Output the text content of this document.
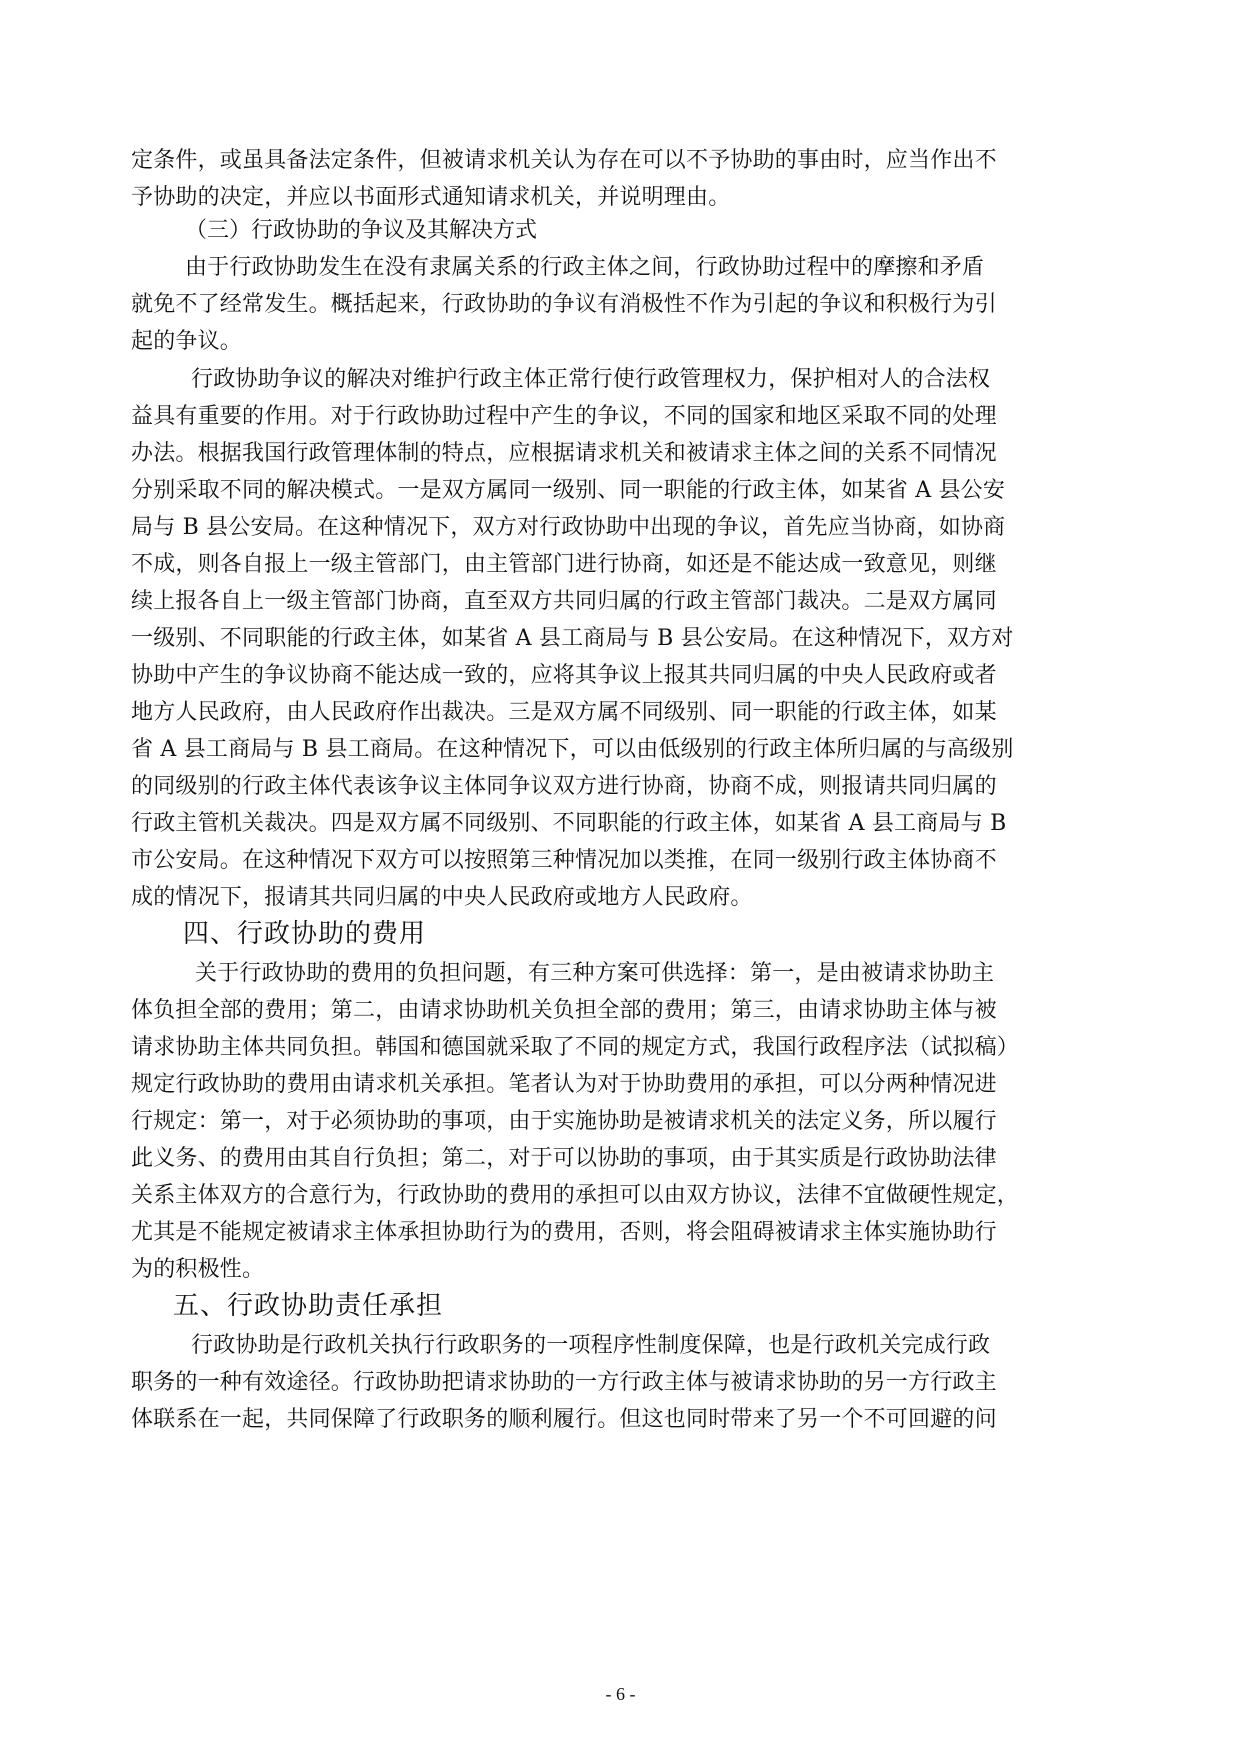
定条件，或虽具备法定条件，但被请求机关认为存在可以不予协助的事由时，应当作出不
予协助的决定，并应以书面形式通知请求机关，并说明理由。
（三）行政协助的争议及其解决方式
由于行政协助发生在没有隶属关系的行政主体之间，行政协助过程中的摩擦和矛盾
就免不了经常发生。概括起来，行政协助的争议有消极性不作为引起的争议和积极行为引
起的争议。
行政协助争议的解决对维护行政主体正常行使行政管理权力，保护相对人的合法权
益具有重要的作用。对于行政协助过程中产生的争议，不同的国家和地区采取不同的处理
办法。根据我国行政管理体制的特点，应根据请求机关和被请求主体之间的关系不同情况
分别采取不同的解决模式。一是双方属同一级别、同一职能的行政主体，如某省 A 县公安
局与 B 县公安局。在这种情况下，双方对行政协助中出现的争议，首先应当协商，如协商
不成，则各自报上一级主管部门，由主管部门进行协商，如还是不能达成一致意见，则继
续上报各自上一级主管部门协商，直至双方共同归属的行政主管部门裁决。二是双方属同
一级别、不同职能的行政主体，如某省 A 县工商局与 B 县公安局。在这种情况下，双方对
协助中产生的争议协商不能达成一致的，应将其争议上报其共同归属的中央人民政府或者
地方人民政府，由人民政府作出裁决。三是双方属不同级别、同一职能的行政主体，如某
省 A 县工商局与 B 县工商局。在这种情况下，可以由低级别的行政主体所归属的与高级别
的同级别的行政主体代表该争议主体同争议双方进行协商，协商不成，则报请共同归属的
行政主管机关裁决。四是双方属不同级别、不同职能的行政主体，如某省 A 县工商局与 B
市公安局。在这种情况下双方可以按照第三种情况加以类推，在同一级别行政主体协商不
成的情况下，报请其共同归属的中央人民政府或地方人民政府。
四、行政协助的费用
关于行政协助的费用的负担问题，有三种方案可供选择：第一，是由被请求协助主
体负担全部的费用；第二，由请求协助机关负担全部的费用；第三，由请求协助主体与被
请求协助主体共同负担。韩国和德国就采取了不同的规定方式，我国行政程序法（试拟稿）
规定行政协助的费用由请求机关承担。笔者认为对于协助费用的承担，可以分两种情况进
行规定：第一，对于必须协助的事项，由于实施协助是被请求机关的法定义务，所以履行
此义务、的费用由其自行负担；第二，对于可以协助的事项，由于其实质是行政协助法律
关系主体双方的合意行为，行政协助的费用的承担可以由双方协议，法律不宜做硬性规定，
尤其是不能规定被请求主体承担协助行为的费用，否则，将会阻碍被请求主体实施协助行
为的积极性。
五、行政协助责任承担
行政协助是行政机关执行行政职务的一项程序性制度保障，也是行政机关完成行政
职务的一种有效途径。行政协助把请求协助的一方行政主体与被请求协助的另一方行政主
体联系在一起，共同保障了行政职务的顺利履行。但这也同时带来了另一个不可回避的问
- 6 -
